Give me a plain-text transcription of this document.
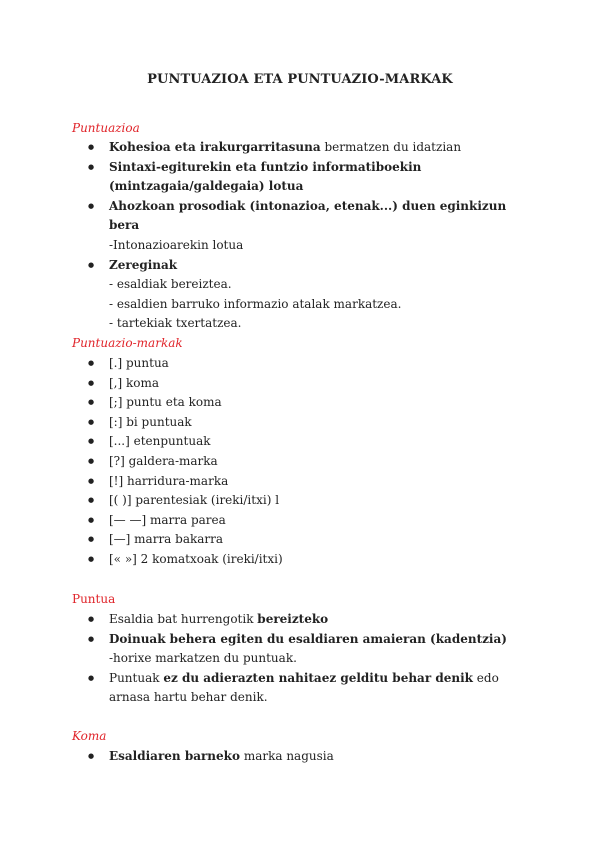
PUNTUAZIOA ETA PUNTUAZIO-MARKAK

Puntuazioa

● Kohesioa eta irakurgarritasuna bermatzen du idatzian
● Sintaxi-egiturekin eta funtzio informatiboekin (mintzagaia/galdegaia) lotua
● Ahozkoan prosodiak (intonazioa, etenak...) duen eginkizun bera
-Intonazioarekin lotua
● Zereginak
- esaldiak bereiztea.
- esaldien barruko informazio atalak markatzea.
- tartekiak txertatzea.

Puntuazio-markak

● [.] puntua
● [,] koma
● [;] puntu eta koma
● [:] bi puntuak
● [...] etenpuntuak
● [?] galdera-marka
● [!] harridura-marka
● [( )] parentesiak (ireki/itxi) l
● [— —] marra parea
● [—] marra bakarra
● [« »] 2 komatxoak (ireki/itxi)

Puntua

● Esaldia bat hurrengotik bereizteko
● Doinuak behera egiten du esaldiaren amaieran (kadentzia)
-horixe markatzen du puntuak.
● Puntuak ez du adierazten nahitaez gelditu behar denik edo arnasa hartu behar denik.

Koma

● Esaldiaren barneko marka nagusia
